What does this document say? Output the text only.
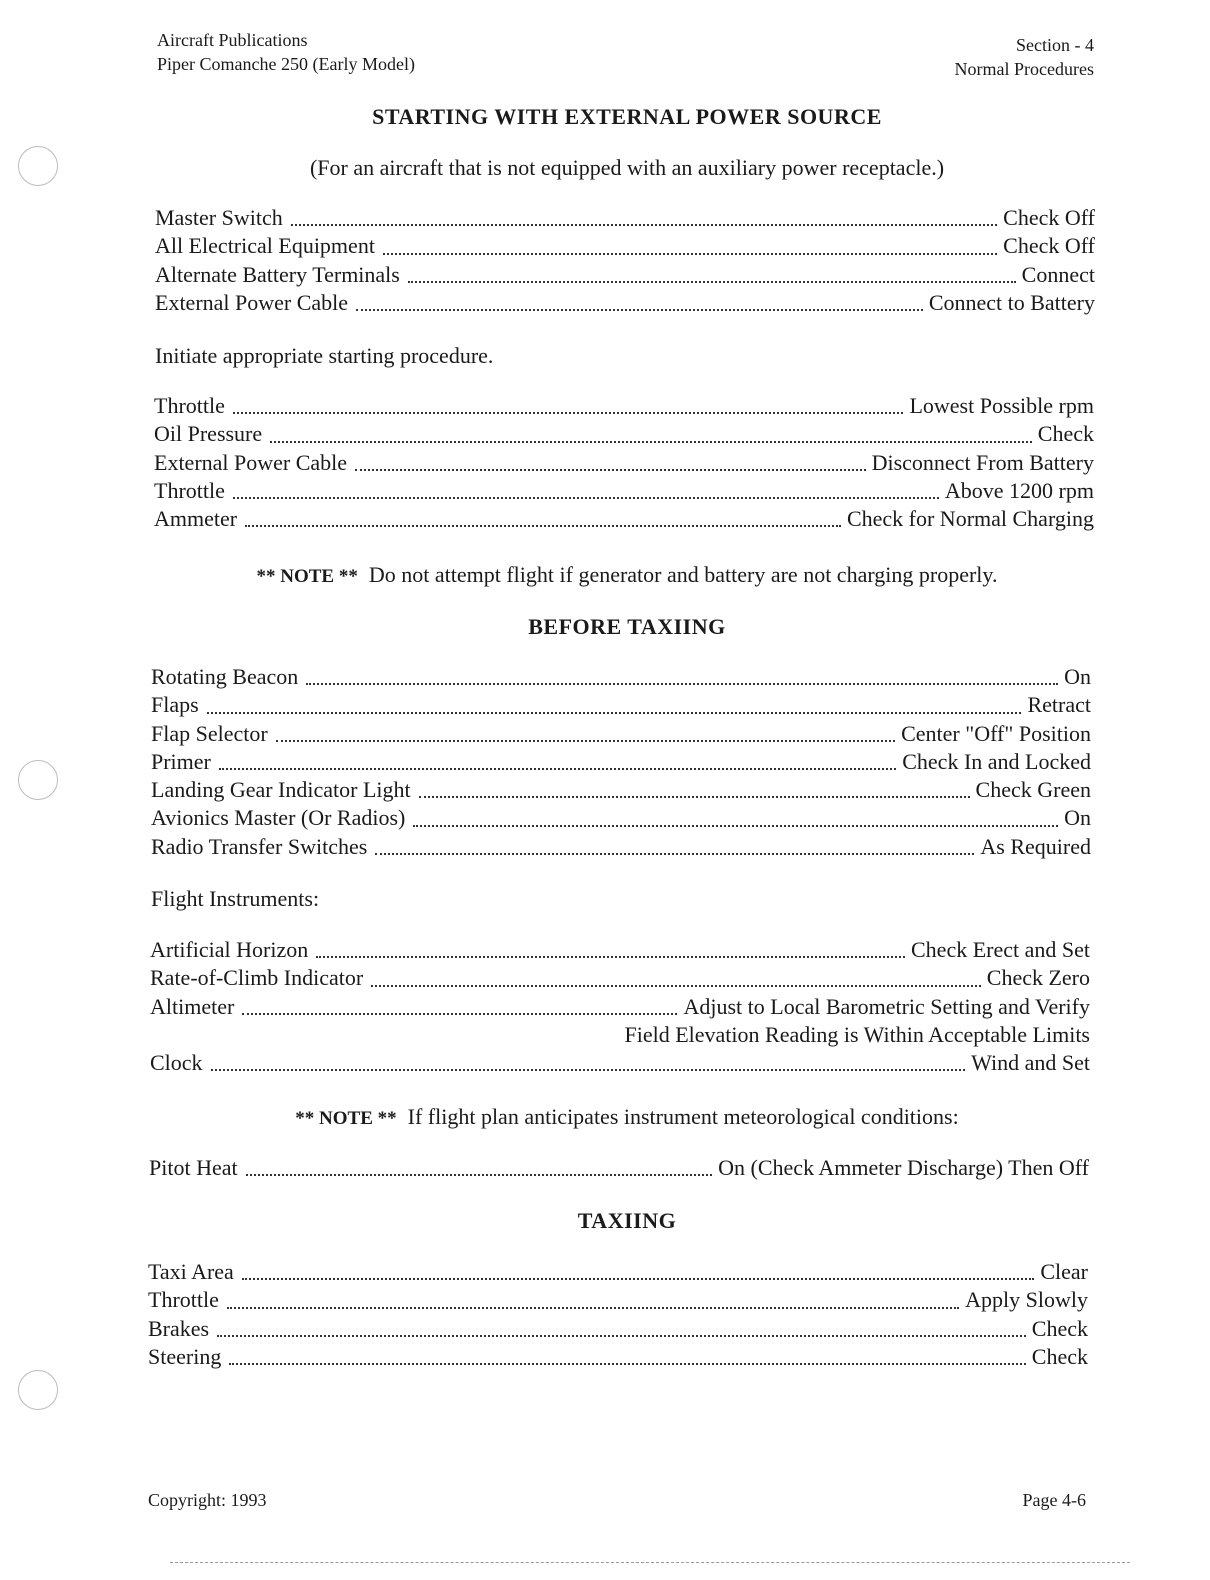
Aircraft Publications
Piper Comanche 250 (Early Model)
Section - 4
Normal Procedures
STARTING WITH EXTERNAL POWER SOURCE
(For an aircraft that is not equipped with an auxiliary power receptacle.)
Master Switch	Check Off
All Electrical Equipment	Check Off
Alternate Battery Terminals	Connect
External Power Cable	Connect to Battery
Initiate appropriate starting procedure.
Throttle	Lowest Possible rpm
Oil Pressure	Check
External Power Cable	Disconnect From Battery
Throttle	Above 1200 rpm
Ammeter	Check for Normal Charging
** NOTE ** Do not attempt flight if generator and battery are not charging properly.
BEFORE TAXIING
Rotating Beacon	On
Flaps	Retract
Flap Selector	Center "Off" Position
Primer	Check In and Locked
Landing Gear Indicator Light	Check Green
Avionics Master (Or Radios)	On
Radio Transfer Switches	As Required
Flight Instruments:
Artificial Horizon	Check Erect and Set
Rate-of-Climb Indicator	Check Zero
Altimeter	Adjust to Local Barometric Setting and Verify
Field Elevation Reading is Within Acceptable Limits
Clock	Wind and Set
** NOTE ** If flight plan anticipates instrument meteorological conditions:
Pitot Heat	On (Check Ammeter Discharge) Then Off
TAXIING
Taxi Area	Clear
Throttle	Apply Slowly
Brakes	Check
Steering	Check
Copyright: 1993	Page 4-6
